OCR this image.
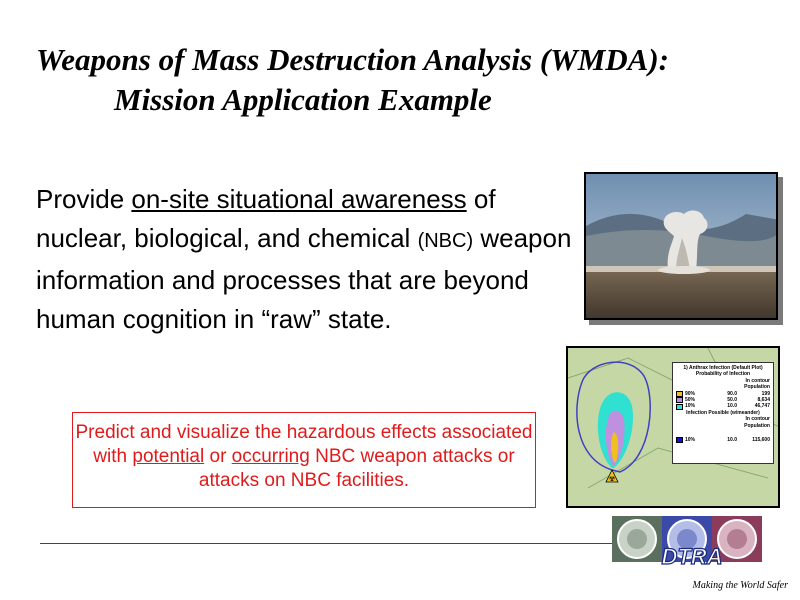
Weapons of Mass Destruction Analysis (WMDA):
Mission Application Example
Provide on-site situational awareness of nuclear, biological, and chemical (NBC) weapon information and processes that are beyond human cognition in “raw” state.
☢
1) Anthrax Infection (Default Plot)
Probability of Infection
In contour
Population
90%	90.0	199
50%	50.0	8,634
10%	10.0	46,747
Infection Possible (w/meander)
In contour
Population
10%	10.0	115,600
Predict and visualize the hazardous effects associated with potential or occurring NBC weapon attacks or attacks on NBC facilities.
DTRA
Making the World Safer
